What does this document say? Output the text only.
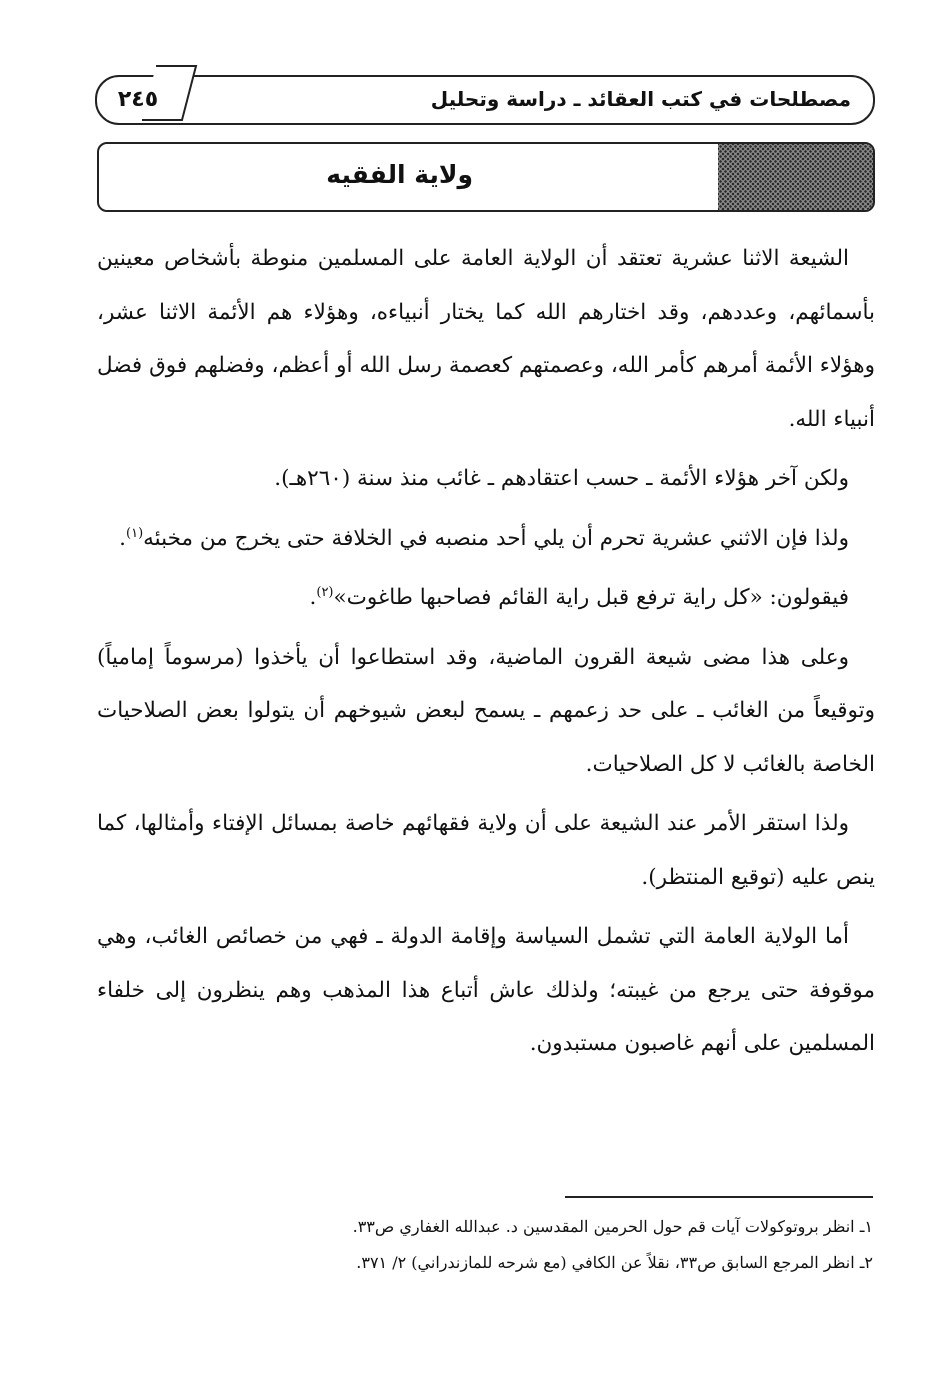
مصطلحات في كتب العقائد ـ دراسة وتحليل
٢٤٥
ولاية الفقيه

الشيعة الاثنا عشرية تعتقد أن الولاية العامة على المسلمين منوطة بأشخاص معينين بأسمائهم، وعددهم، وقد اختارهم الله كما يختار أنبياءه، وهؤلاء هم الأئمة الاثنا عشر، وهؤلاء الأئمة أمرهم كأمر الله، وعصمتهم كعصمة رسل الله أو أعظم، وفضلهم فوق فضل أنبياء الله.

ولكن آخر هؤلاء الأئمة ـ حسب اعتقادهم ـ غائب منذ سنة (٢٦٠هـ).

ولذا فإن الاثني عشرية تحرم أن يلي أحد منصبه في الخلافة حتى يخرج من مخبئه$^{(١)}$.

فيقولون: «كل راية ترفع قبل راية القائم فصاحبها طاغوت»$^{(٢)}$.

وعلى هذا مضى شيعة القرون الماضية، وقد استطاعوا أن يأخذوا (مرسوماً إمامياً) وتوقيعاً من الغائب ـ على حد زعمهم ـ يسمح لبعض شيوخهم أن يتولوا بعض الصلاحيات الخاصة بالغائب لا كل الصلاحيات.

ولذا استقر الأمر عند الشيعة على أن ولاية فقهائهم خاصة بمسائل الإفتاء وأمثالها، كما ينص عليه (توقيع المنتظر).

أما الولاية العامة التي تشمل السياسة وإقامة الدولة ـ فهي من خصائص الغائب، وهي موقوفة حتى يرجع من غيبته؛ ولذلك عاش أتباع هذا المذهب وهم ينظرون إلى خلفاء المسلمين على أنهم غاصبون مستبدون.

١ـ انظر بروتوكولات آيات قم حول الحرمين المقدسين د. عبدالله الغفاري ص٣٣.
٢ـ انظر المرجع السابق ص٣٣، نقلاً عن الكافي (مع شرحه للمازندراني) ٢/ ٣٧١.
